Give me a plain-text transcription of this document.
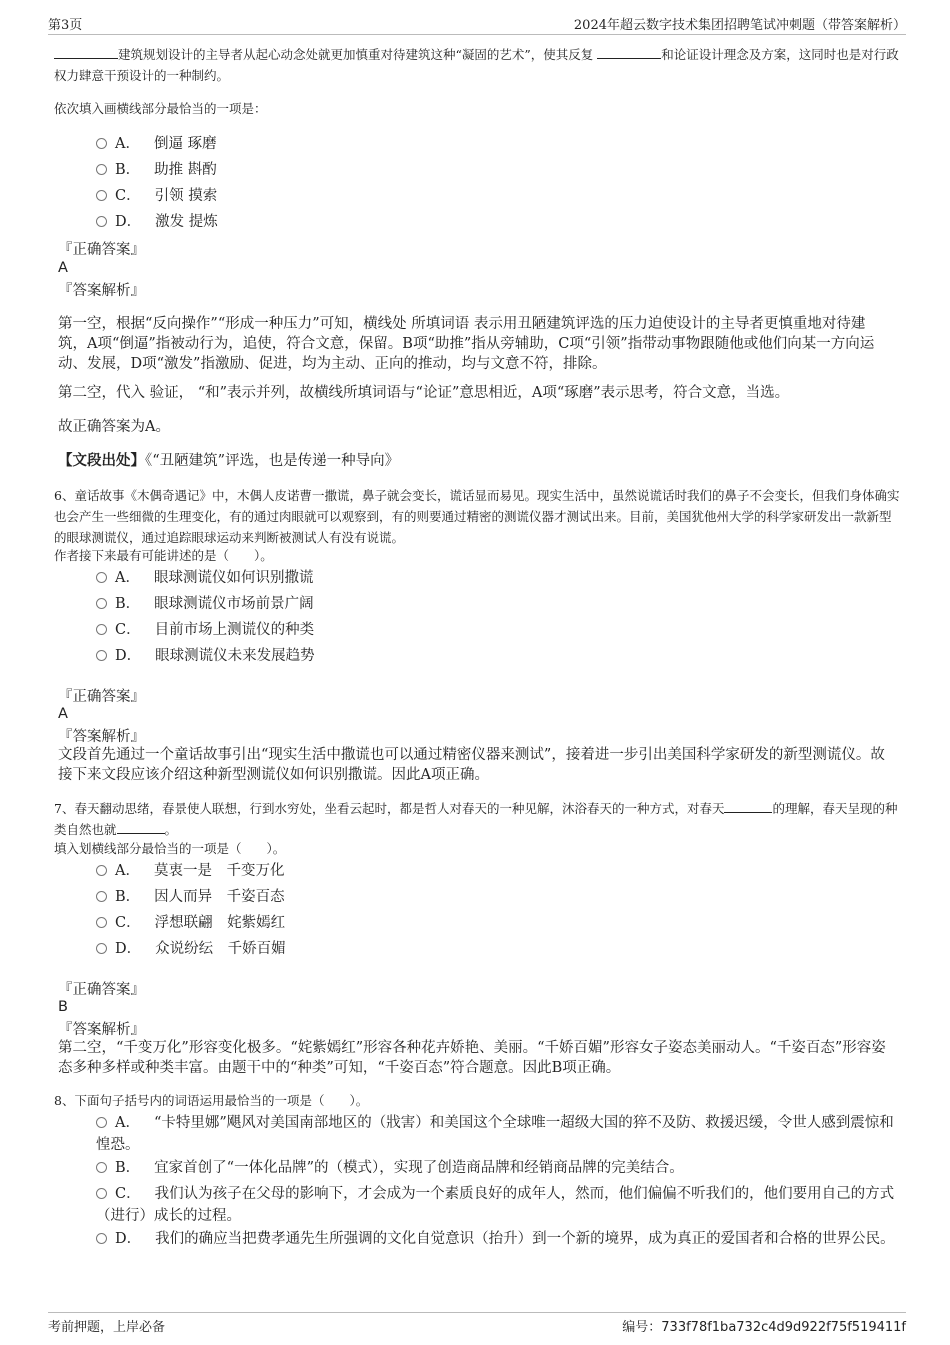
第3页	2024年超云数字技术集团招聘笔试冲刺题（带答案解析）
建筑规划设计的主导者从起心动念处就更加慎重对待建筑这种“凝固的艺术”，使其反复	和论证设计理念及方案，这同时也是对行政权力肆意干预设计的一种制约。
依次填入画横线部分最恰当的一项是：
A． 倒逼 琢磨
B． 助推 斟酌
C． 引领 摸索
D． 激发 提炼
『正确答案』
A
『答案解析』
第一空，根据“反向操作”“形成一种压力”可知，横线处 所填词语 表示用丑陋建筑评选的压力迫使设计的主导者更慎重地对待建筑，A项“倒逼”指被动行为，追使，符合文意，保留。B项“助推”指从旁辅助，C项“引领”指带动事物跟随他或他们向某一方向运动、发展，D项“激发”指激励、促进，均为主动、正向的推动，均与文意不符，排除。
第二空，代入 验证， “和”表示并列，故横线所填词语与“论证”意思相近，A项“琢磨”表示思考，符合文意，当选。
故正确答案为A。
【文段出处】《“丑陋建筑”评选，也是传递一种导向》
6、童话故事《木偶奇遇记》中，木偶人皮诺曹一撒谎，鼻子就会变长，谎话显而易见。现实生活中，虽然说谎话时我们的鼻子不会变长，但我们身体确实也会产生一些细微的生理变化，有的通过肉眼就可以观察到，有的则要通过精密的测谎仪器才测试出来。目前，美国犹他州大学的科学家研发出一款新型的眼球测谎仪，通过追踪眼球运动来判断被测试人有没有说谎。
作者接下来最有可能讲述的是（　　）。
A． 眼球测谎仪如何识别撒谎
B． 眼球测谎仪市场前景广阔
C． 目前市场上测谎仪的种类
D． 眼球测谎仪未来发展趋势
『正确答案』
A
『答案解析』
文段首先通过一个童话故事引出“现实生活中撒谎也可以通过精密仪器来测试”，接着进一步引出美国科学家研发的新型测谎仪。故接下来文段应该介绍这种新型测谎仪如何识别撒谎。因此A项正确。
7、春天翻动思绪，春景使人联想，行到水穷处，坐看云起时，都是哲人对春天的一种见解，沐浴春天的一种方式，对春天	的理解，春天呈现的种类自然也就	。
填入划横线部分最恰当的一项是（　　）。
A． 莫衷一是　千变万化
B． 因人而异　千姿百态
C． 浮想联翩　姹紫嫣红
D． 众说纷纭　千娇百媚
『正确答案』
B
『答案解析』
第二空，“千变万化”形容变化极多。“姹紫嫣红”形容各种花卉娇艳、美丽。“千娇百媚”形容女子姿态美丽动人。“千姿百态”形容姿态多种多样或种类丰富。由题干中的“种类”可知，“千姿百态”符合题意。因此B项正确。
8、下面句子括号内的词语运用最恰当的一项是（　　）。
A． “卡特里娜”飓风对美国南部地区的（戕害）和美国这个全球唯一超级大国的猝不及防、救援迟缓，令世人感到震惊和惶恐。
B． 宜家首创了“一体化品牌”的（模式），实现了创造商品牌和经销商品牌的完美结合。
C． 我们认为孩子在父母的影响下，才会成为一个素质良好的成年人，然而，他们偏偏不听我们的，他们要用自己的方式（进行）成长的过程。
D． 我们的确应当把费孝通先生所强调的文化自觉意识（抬升）到一个新的境界，成为真正的爱国者和合格的世界公民。
考前押题，上岸必备	编号：733f78f1ba732c4d9d922f75f519411f
